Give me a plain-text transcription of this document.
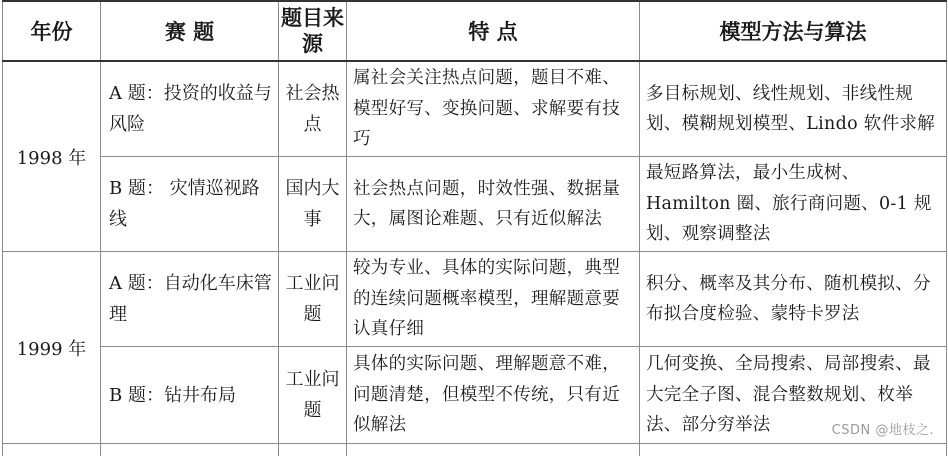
年份	赛 题	题目来源	特 点	模型方法与算法
1998 年	A 题：投资的收益与风险	社会热点	属社会关注热点问题，题目不难、模型好写、变换问题、求解要有技巧	多目标规划、线性规划、非线性规划、模糊规划模型、Lindo 软件求解
	B 题： 灾情巡视路线	国内大事	社会热点问题，时效性强、数据量大，属图论难题、只有近似解法	最短路算法，最小生成树、Hamilton 圈、旅行商问题、0-1 规划、观察调整法
1999 年	A 题：自动化车床管理	工业问题	较为专业、具体的实际问题，典型的连续问题概率模型，理解题意要认真仔细	积分、概率及其分布、随机模拟、分布拟合度检验、蒙特卡罗法
	B 题：钻井布局	工业问题	具体的实际问题、理解题意不难，问题清楚，但模型不传统，只有近似解法	几何变换、全局搜索、局部搜索、最大完全子图、混合整数规划、枚举法、部分穷举法
					CSDN @地枝之.
